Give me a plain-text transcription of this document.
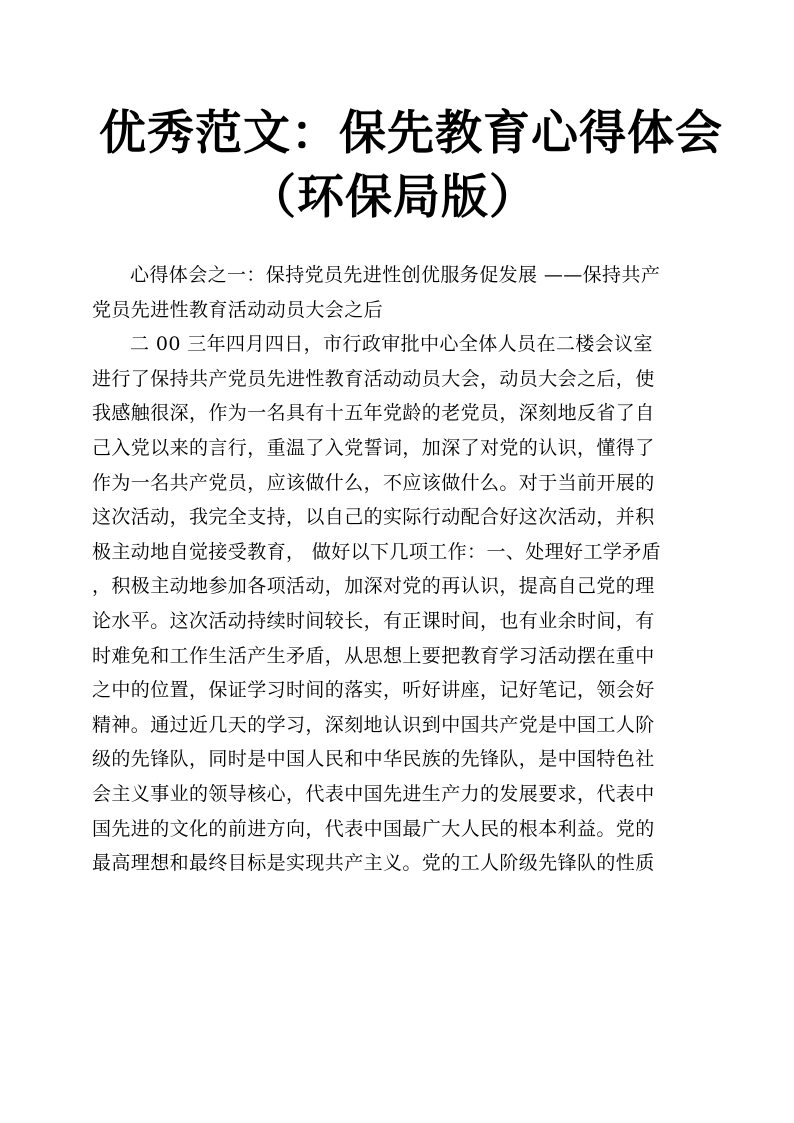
优秀范文：保先教育心得体会
（环保局版）
心得体会之一：保持党员先进性创优服务促发展 ——保持共产
党员先进性教育活动动员大会之后
二 00 三年四月四日，市行政审批中心全体人员在二楼会议室
进行了保持共产党员先进性教育活动动员大会，动员大会之后，使
我感触很深，作为一名具有十五年党龄的老党员，深刻地反省了自
己入党以来的言行，重温了入党誓词，加深了对党的认识，懂得了
作为一名共产党员，应该做什么，不应该做什么。对于当前开展的
这次活动，我完全支持，以自己的实际行动配合好这次活动，并积
极主动地自觉接受教育， 做好以下几项工作：一、处理好工学矛盾
，积极主动地参加各项活动，加深对党的再认识，提高自己党的理
论水平。这次活动持续时间较长，有正课时间，也有业余时间，有
时难免和工作生活产生矛盾，从思想上要把教育学习活动摆在重中
之中的位置，保证学习时间的落实，听好讲座，记好笔记，领会好
精神。通过近几天的学习，深刻地认识到中国共产党是中国工人阶
级的先锋队，同时是中国人民和中华民族的先锋队，是中国特色社
会主义事业的领导核心，代表中国先进生产力的发展要求，代表中
国先进的文化的前进方向，代表中国最广大人民的根本利益。党的
最高理想和最终目标是实现共产主义。党的工人阶级先锋队的性质
